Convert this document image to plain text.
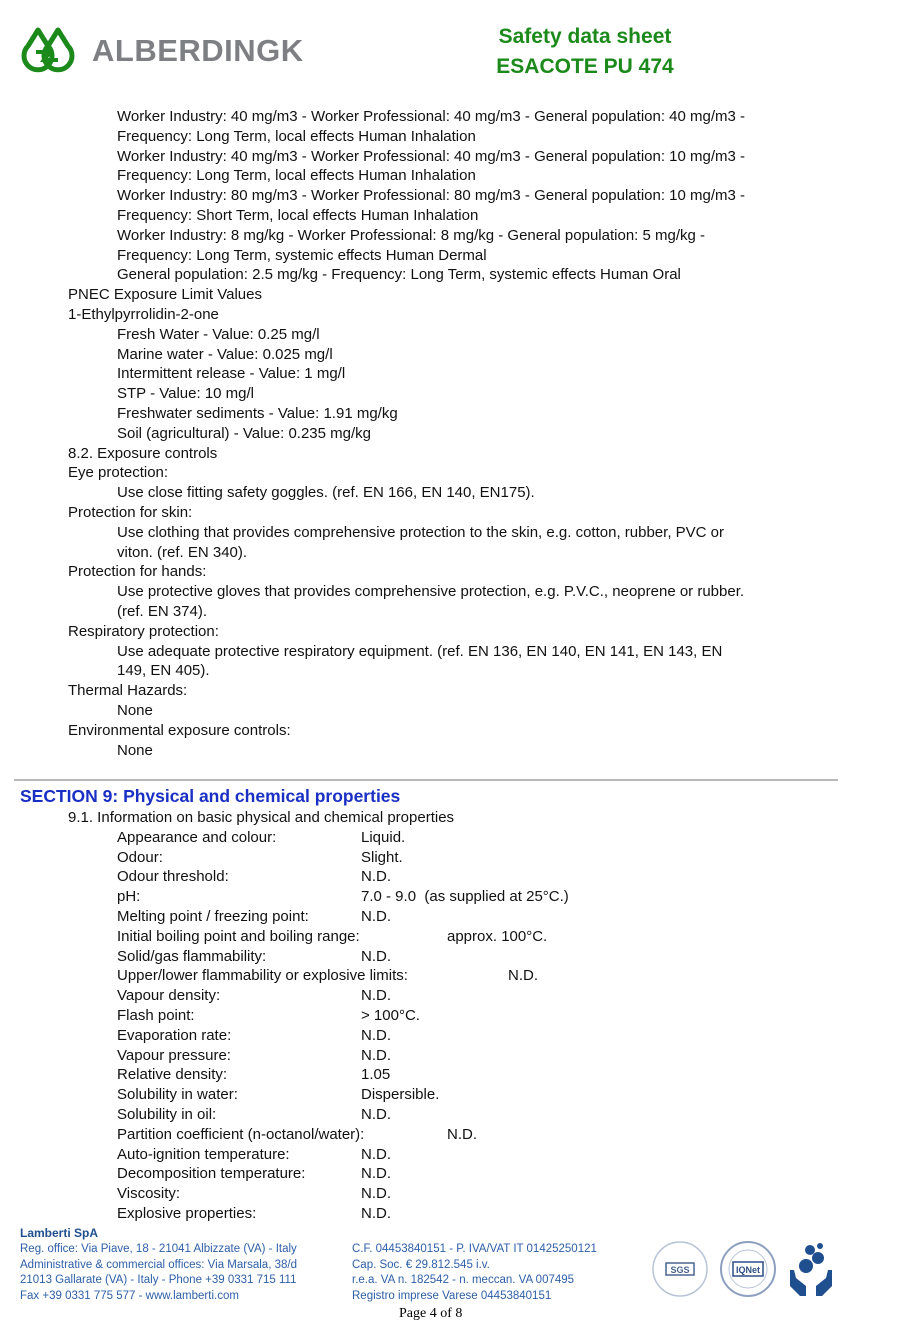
ALBERDINGK	Safety data sheet
ESACOTE PU 474
Worker Industry: 40 mg/m3 - Worker Professional: 40 mg/m3 - General population: 40 mg/m3 -
Frequency: Long Term, local effects Human Inhalation
Worker Industry: 40 mg/m3 - Worker Professional: 40 mg/m3 - General population: 10 mg/m3 -
Frequency: Long Term, local effects Human Inhalation
Worker Industry: 80 mg/m3 - Worker Professional: 80 mg/m3 - General population: 10 mg/m3 -
Frequency: Short Term, local effects Human Inhalation
Worker Industry: 8 mg/kg - Worker Professional: 8 mg/kg - General population: 5 mg/kg -
Frequency: Long Term, systemic effects Human Dermal
General population: 2.5 mg/kg - Frequency: Long Term, systemic effects Human Oral
PNEC Exposure Limit Values
1-Ethylpyrrolidin-2-one
Fresh Water - Value: 0.25 mg/l
Marine water - Value: 0.025 mg/l
Intermittent release - Value: 1 mg/l
STP - Value: 10 mg/l
Freshwater sediments - Value: 1.91 mg/kg
Soil (agricultural) - Value: 0.235 mg/kg
8.2. Exposure controls
Eye protection:
Use close fitting safety goggles. (ref. EN 166, EN 140, EN175).
Protection for skin:
Use clothing that provides comprehensive protection to the skin, e.g. cotton, rubber, PVC or
viton. (ref. EN 340).
Protection for hands:
Use protective gloves that provides comprehensive protection, e.g. P.V.C., neoprene or rubber.
(ref. EN 374).
Respiratory protection:
Use adequate protective respiratory equipment. (ref. EN 136, EN 140, EN 141, EN 143, EN
149, EN 405).
Thermal Hazards:
None
Environmental exposure controls:
None
SECTION 9: Physical and chemical properties
9.1. Information on basic physical and chemical properties
Appearance and colour:	Liquid.
Odour:	Slight.
Odour threshold:	N.D.
pH:	7.0 - 9.0  (as supplied at 25°C.)
Melting point / freezing point:	N.D.
Initial boiling point and boiling range:	approx. 100°C.
Solid/gas flammability:	N.D.
Upper/lower flammability or explosive limits:	N.D.
Vapour density:	N.D.
Flash point:	> 100°C.
Evaporation rate:	N.D.
Vapour pressure:	N.D.
Relative density:	1.05
Solubility in water:	Dispersible.
Solubility in oil:	N.D.
Partition coefficient (n-octanol/water):	N.D.
Auto-ignition temperature:	N.D.
Decomposition temperature:	N.D.
Viscosity:	N.D.
Explosive properties:	N.D.
Lamberti SpA
Reg. office: Via Piave, 18 - 21041 Albizzate (VA) - Italy
Administrative & commercial offices: Via Marsala, 38/d
21013 Gallarate (VA) - Italy - Phone +39 0331 715 111
Fax +39 0331 775 577 - www.lamberti.com
C.F. 04453840151 - P. IVA/VAT IT 01425250121
Cap. Soc. € 29.812.545 i.v.
r.e.a. VA n. 182542 - n. meccan. VA 007495
Registro imprese Varese 04453840151
SGS	IQNet
Page 4 of 8
